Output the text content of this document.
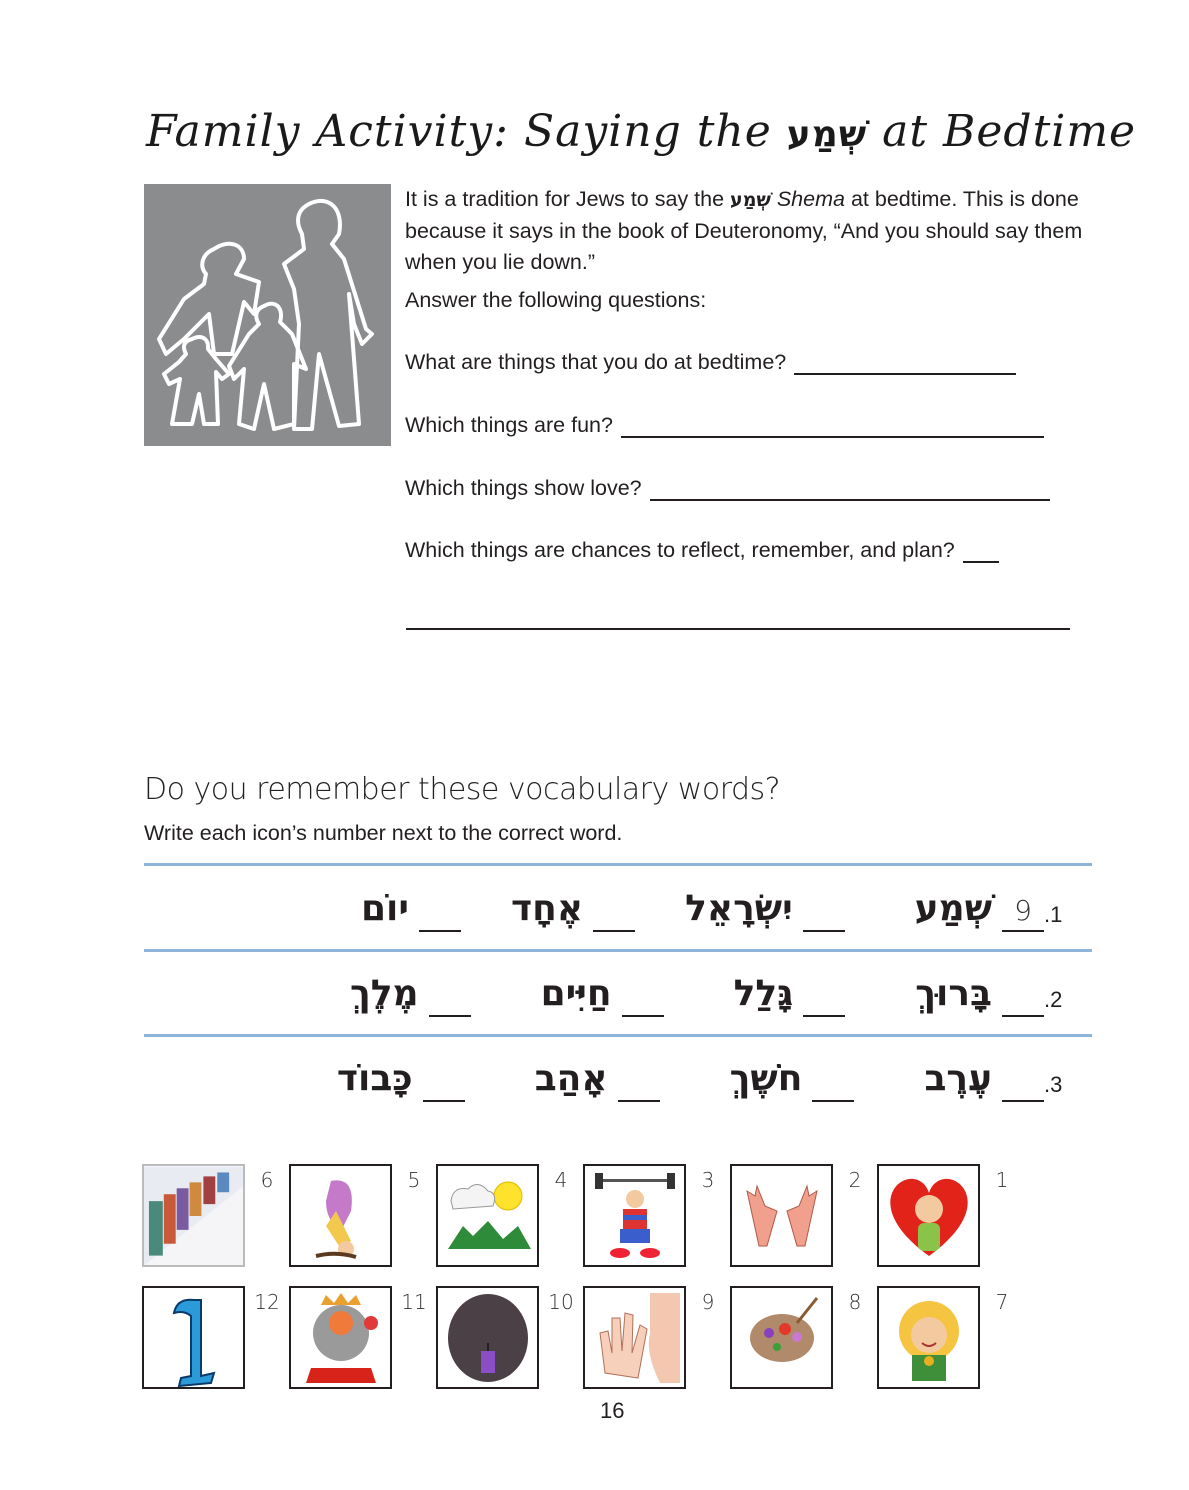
Family Activity: Saying the שְׁמַע at Bedtime
It is a tradition for Jews to say the שְׁמַע Shema at bedtime. This is done because it says in the book of Deuteronomy, “And you should say them when you lie down.”
Answer the following questions:
What are things that you do at bedtime?
Which things are fun?
Which things show love?
Which things are chances to reflect, remember, and plan?
Do you remember these vocabulary words?
Write each icon’s number next to the correct word.
.1
9
שְׁמַע
יִשְׂרָאֵל
אֶחָד
יוֹם
.2
בָּרוּךְ
גָּלַל
חַיִּים
מֶלֶךְ
.3
עֶרֶב
חֹשֶׁךְ
אָהַב
כָּבוֹד
1
2
3
4
5
6
7
8
9
10
11
12
16
